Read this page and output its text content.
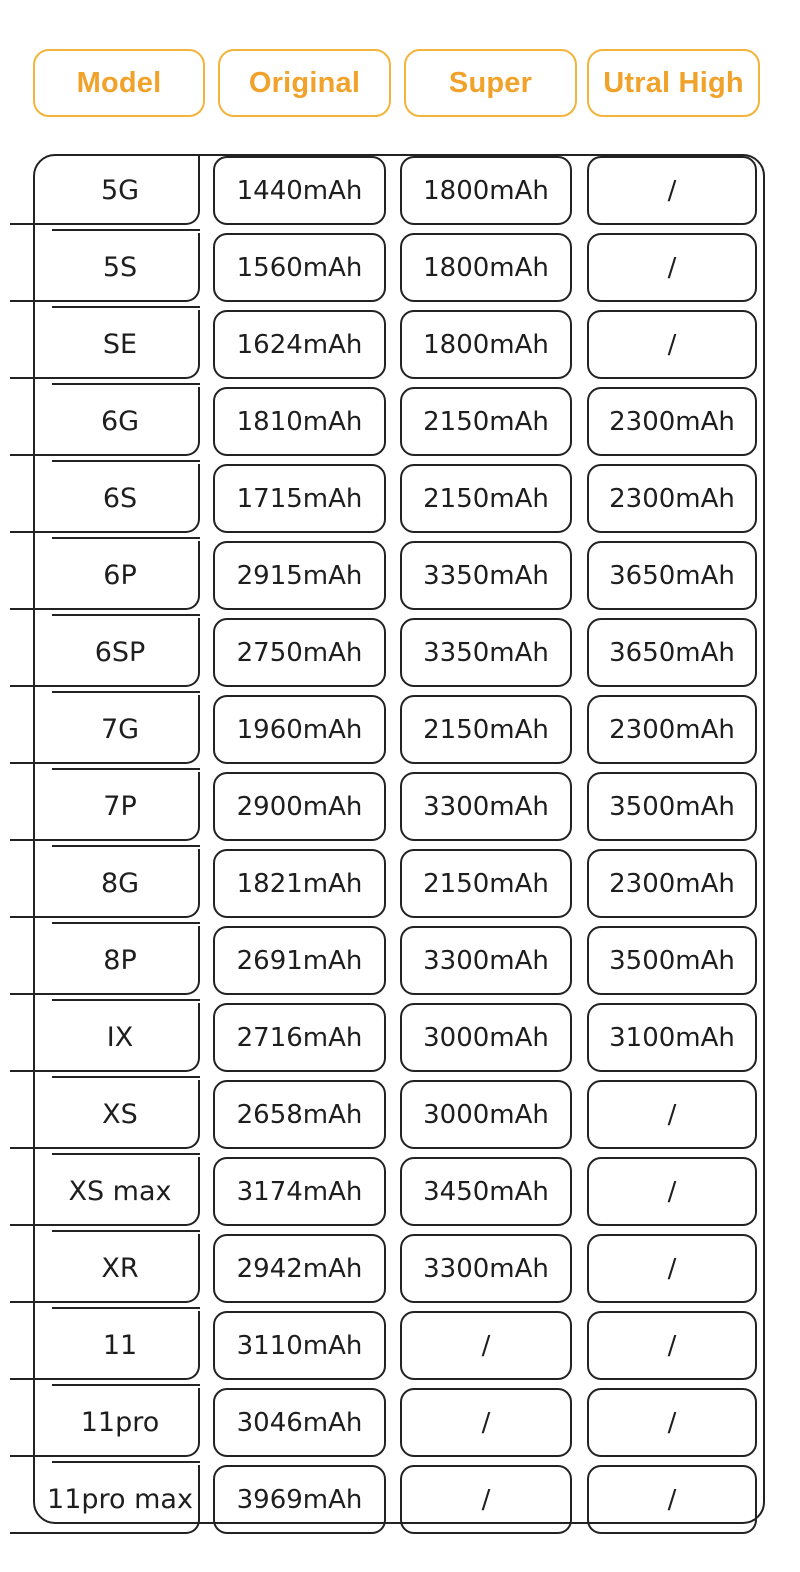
Model	Original	Super	Utral High
5G	1440mAh 1800mAh	/
5S	1560mAh 1800mAh	/
SE	1624mAh 1800mAh	/
6G	1810mAh 2150mAh 2300mAh
6S	1715mAh 2150mAh 2300mAh
6P	2915mAh 3350mAh 3650mAh
6SP	2750mAh 3350mAh 3650mAh
7G	1960mAh 2150mAh 2300mAh
7P	2900mAh 3300mAh 3500mAh
8G	1821mAh 2150mAh 2300mAh
8P	2691mAh 3300mAh 3500mAh
IX	2716mAh 3000mAh 3100mAh
XS	2658mAh 3000mAh	/
XS max	3174mAh 3450mAh	/
XR	2942mAh 3300mAh	/
11	3110mAh	/	/
11pro	3046mAh	/	/
11pro max 3969mAh	/	/
